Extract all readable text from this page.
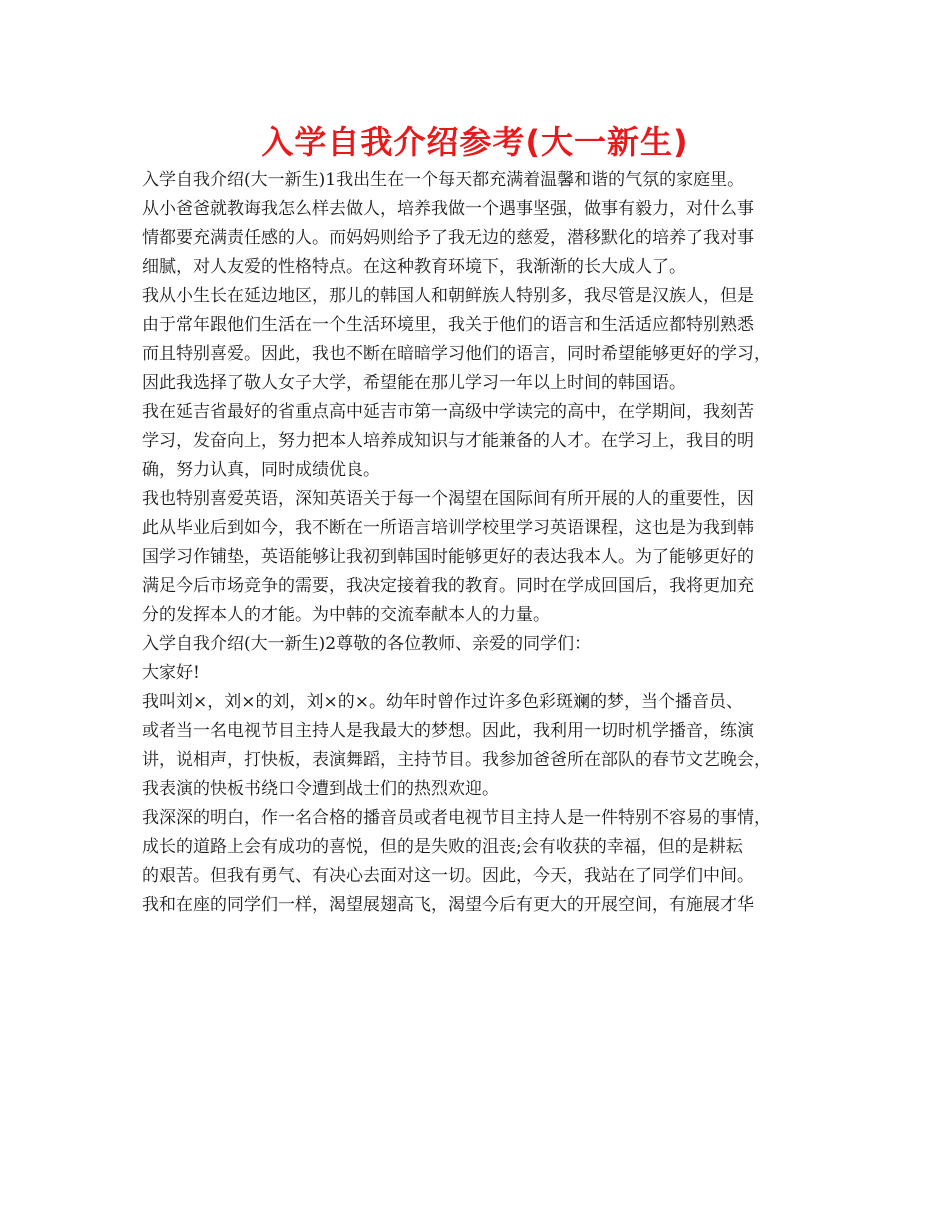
入学自我介绍参考(大一新生)
入学自我介绍(大一新生)1我出生在一个每天都充满着温馨和谐的气氛的家庭里。
从小爸爸就教诲我怎么样去做人，培养我做一个遇事坚强，做事有毅力，对什么事
情都要充满责任感的人。而妈妈则给予了我无边的慈爱，潜移默化的培养了我对事
细腻，对人友爱的性格特点。在这种教育环境下，我渐渐的长大成人了。
我从小生长在延边地区，那儿的韩国人和朝鲜族人特别多，我尽管是汉族人，但是
由于常年跟他们生活在一个生活环境里，我关于他们的语言和生活适应都特别熟悉
而且特别喜爱。因此，我也不断在暗暗学习他们的语言，同时希望能够更好的学习，
因此我选择了敬人女子大学，希望能在那儿学习一年以上时间的韩国语。
我在延吉省最好的省重点高中延吉市第一高级中学读完的高中，在学期间，我刻苦
学习，发奋向上，努力把本人培养成知识与才能兼备的人才。在学习上，我目的明
确，努力认真，同时成绩优良。
我也特别喜爱英语，深知英语关于每一个渴望在国际间有所开展的人的重要性，因
此从毕业后到如今，我不断在一所语言培训学校里学习英语课程，这也是为我到韩
国学习作铺垫，英语能够让我初到韩国时能够更好的表达我本人。为了能够更好的
满足今后市场竞争的需要，我决定接着我的教育。同时在学成回国后，我将更加充
分的发挥本人的才能。为中韩的交流奉献本人的力量。
入学自我介绍(大一新生)2尊敬的各位教师、亲爱的同学们：
大家好!
我叫刘×，刘×的刘，刘×的×。幼年时曾作过许多色彩斑斓的梦，当个播音员、
或者当一名电视节目主持人是我最大的梦想。因此，我利用一切时机学播音，练演
讲，说相声，打快板，表演舞蹈，主持节目。我参加爸爸所在部队的春节文艺晚会，
我表演的快板书绕口令遭到战士们的热烈欢迎。
我深深的明白，作一名合格的播音员或者电视节目主持人是一件特别不容易的事情，
成长的道路上会有成功的喜悦，但的是失败的沮丧;会有收获的幸福，但的是耕耘
的艰苦。但我有勇气、有决心去面对这一切。因此，今天，我站在了同学们中间。
我和在座的同学们一样，渴望展翅高飞，渴望今后有更大的开展空间，有施展才华
